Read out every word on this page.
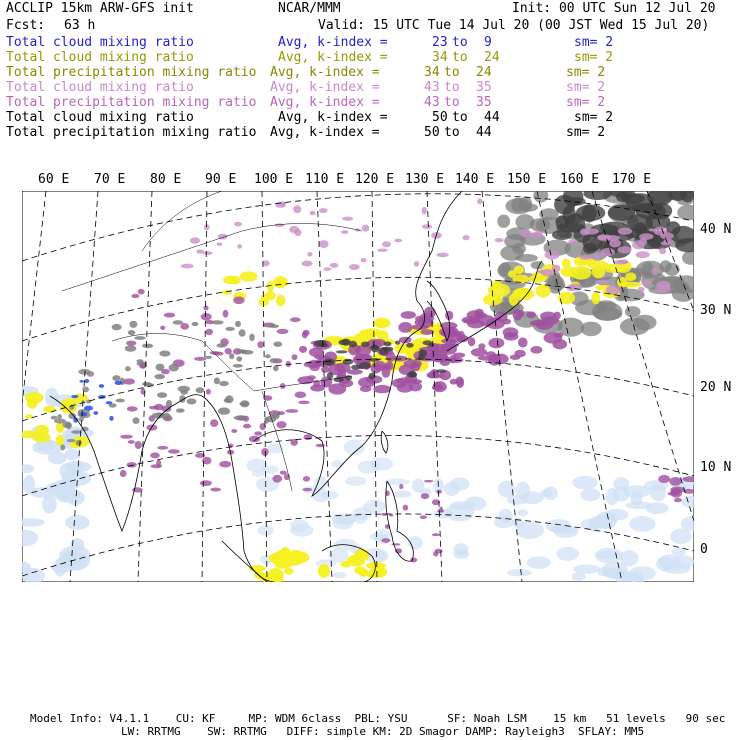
ACCLIP 15km ARW-GFS init	NCAR/MMM	Init: 00 UTC Sun 12 Jul 20
Fcst: 63 h	Valid: 15 UTC Tue 14 Jul 20 (00 JST Wed 15 Jul 20)
Total cloud mixing ratio	Avg, k-index =	23 to 9	sm= 2
Total cloud mixing ratio	Avg, k-index =	34 to 24	sm= 2
Total precipitation mixing ratio Avg, k-index =	34 to 24	sm= 2
Total cloud mixing ratio	Avg, k-index =	43 to 35	sm= 2
Total precipitation mixing ratio Avg, k-index =	43 to 35	sm= 2
Total cloud mixing ratio	Avg, k-index =	50 to 44	sm= 2
Total precipitation mixing ratio Avg, k-index =	50 to 44	sm= 2
60 E 70 E 80 E 90 E 100 E 110 E 120 E 130 E 140 E 150 E 160 E 170 E
40 N
30 N
20 N
10 N
0
Model Info: V4.1.1    CU: KF     MP: WDM 6class  PBL: YSU      SF: Noah LSM    15 km   51 levels   90 sec
LW: RRTMG    SW: RRTMG   DIFF: simple KM: 2D Smagor DAMP: Rayleigh3  SFLAY: MM5
